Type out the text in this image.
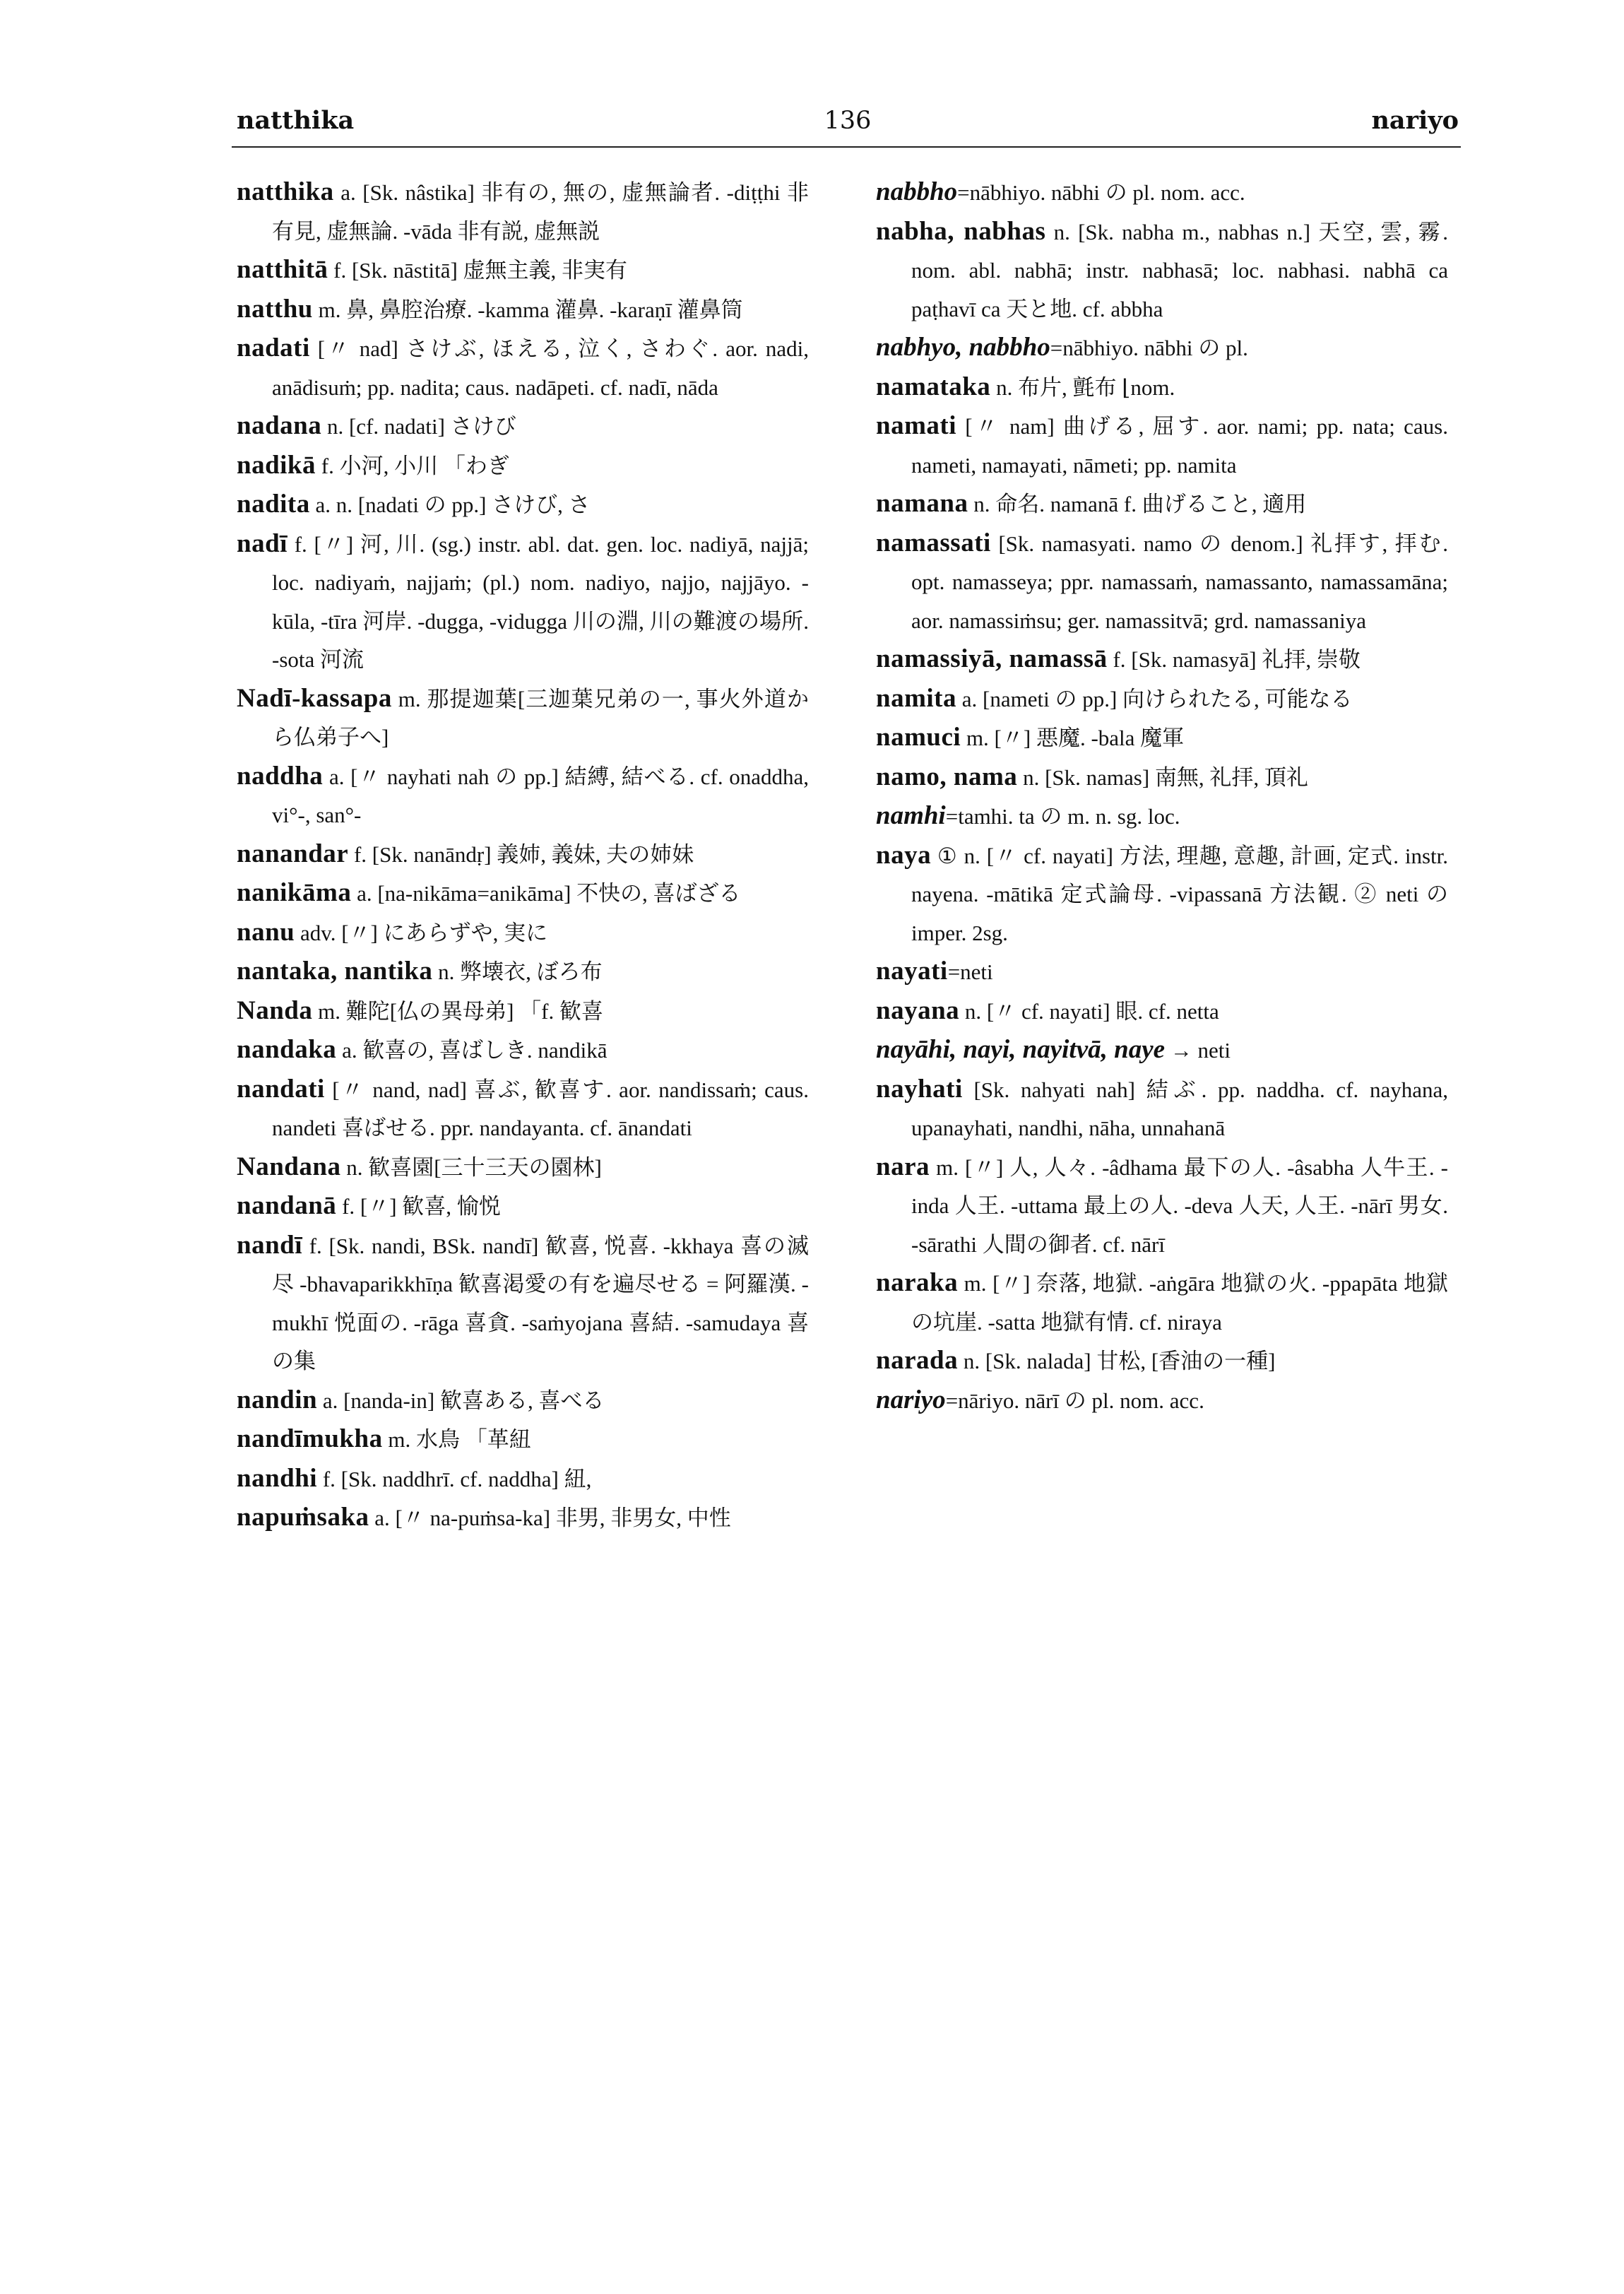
natthika	136	nariyo

natthika a. [Sk. nâstika] 非有の, 無の, 虚無論者. -diṭṭhi 非有見, 虚無論. -vāda 非有説, 虚無説

natthitā f. [Sk. nāstitā] 虚無主義, 非実有

natthu m. 鼻, 鼻腔治療. -kamma 灌鼻. -karaṇī 灌鼻筒

nadati [〃 nad] さけぶ, ほえる, 泣く, さわぐ. aor. nadi, anādisuṁ; pp. nadita; caus. nadāpeti. cf. nadī, nāda

nadana n. [cf. nadati] さけび

nadikā f. 小河, 小川 「わぎ

nadita a. n. [nadati の pp.] さけび, さ

nadī f. [〃] 河, 川. (sg.) instr. abl. dat. gen. loc. nadiyā, najjā; loc. nadiyaṁ, najjaṁ; (pl.) nom. nadiyo, najjo, najjāyo. -kūla, -tīra 河岸. -dugga, -vidugga 川の淵, 川の難渡の場所. -sota 河流

Nadī-kassapa m. 那提迦葉[三迦葉兄弟の一, 事火外道から仏弟子へ]

naddha a. [〃 nayhati nah の pp.] 結縛, 結べる. cf. onaddha, vi°-, san°-

nanandar f. [Sk. nanāndṛ] 義姉, 義妹, 夫の姉妹

nanikāma a. [na-nikāma=anikāma] 不快の, 喜ばざる

nanu adv. [〃] にあらずや, 実に

nantaka, nantika n. 弊壊衣, ぼろ布

Nanda m. 難陀[仏の異母弟] 「f. 歓喜

nandaka a. 歓喜の, 喜ばしき. nandikā

nandati [〃 nand, nad] 喜ぶ, 歓喜す. aor. nandissaṁ; caus. nandeti 喜ばせる. ppr. nandayanta. cf. ānandati

Nandana n. 歓喜園[三十三天の園林]

nandanā f. [〃] 歓喜, 愉悦

nandī f. [Sk. nandi, BSk. nandī] 歓喜, 悦喜. -kkhaya 喜の滅尽 -bhavaparikkhīṇa 歓喜渇愛の有を遍尽せる = 阿羅漢. -mukhī 悦面の. -rāga 喜貪. -saṁyojana 喜結. -samudaya 喜の集

nandin a. [nanda-in] 歓喜ある, 喜べる

nandīmukha m. 水鳥 「革紐

nandhi f. [Sk. naddhrī. cf. naddha] 紐,

napuṁsaka a. [〃 na-puṁsa-ka] 非男, 非男女, 中性

nabbho=nābhiyo. nābhi の pl. nom. acc.

nabha, nabhas n. [Sk. nabha m., nabhas n.] 天空, 雲, 霧. nom. abl. nabhā; instr. nabhasā; loc. nabhasi. nabhā ca paṭhavī ca 天と地. cf. abbha

nabhyo, nabbho=nābhiyo. nābhi の pl.

namataka n. 布片, 氈布 ⌊nom.

namati [〃 nam] 曲げる, 屈す. aor. nami; pp. nata; caus. nameti, namayati, nāmeti; pp. namita

namana n. 命名. namanā f. 曲げること, 適用

namassati [Sk. namasyati. namo の denom.] 礼拝す, 拝む. opt. namasseya; ppr. namassaṁ, namassanto, namassamāna; aor. namassiṁsu; ger. namassitvā; grd. namassaniya

namassiyā, namassā f. [Sk. namasyā] 礼拝, 崇敬

namita a. [nameti の pp.] 向けられたる, 可能なる

namuci m. [〃] 悪魔. -bala 魔軍

namo, nama n. [Sk. namas] 南無, 礼拝, 頂礼

namhi=tamhi. ta の m. n. sg. loc.

naya ① n. [〃 cf. nayati] 方法, 理趣, 意趣, 計画, 定式. instr. nayena. -mātikā 定式論母. -vipassanā 方法観. ② neti の imper. 2sg.

nayati=neti

nayana n. [〃 cf. nayati] 眼. cf. netta

nayāhi, nayi, nayitvā, naye → neti

nayhati [Sk. nahyati nah] 結ぶ. pp. naddha. cf. nayhana, upanayhati, nandhi, nāha, unnahanā

nara m. [〃] 人, 人々. -âdhama 最下の人. -âsabha 人牛王. -inda 人王. -uttama 最上の人. -deva 人天, 人王. -nārī 男女. -sārathi 人間の御者. cf. nārī

naraka m. [〃] 奈落, 地獄. -aṅgāra 地獄の火. -ppapāta 地獄の坑崖. -satta 地獄有情. cf. niraya

narada n. [Sk. nalada] 甘松, [香油の一種]

nariyo=nāriyo. nārī の pl. nom. acc.
